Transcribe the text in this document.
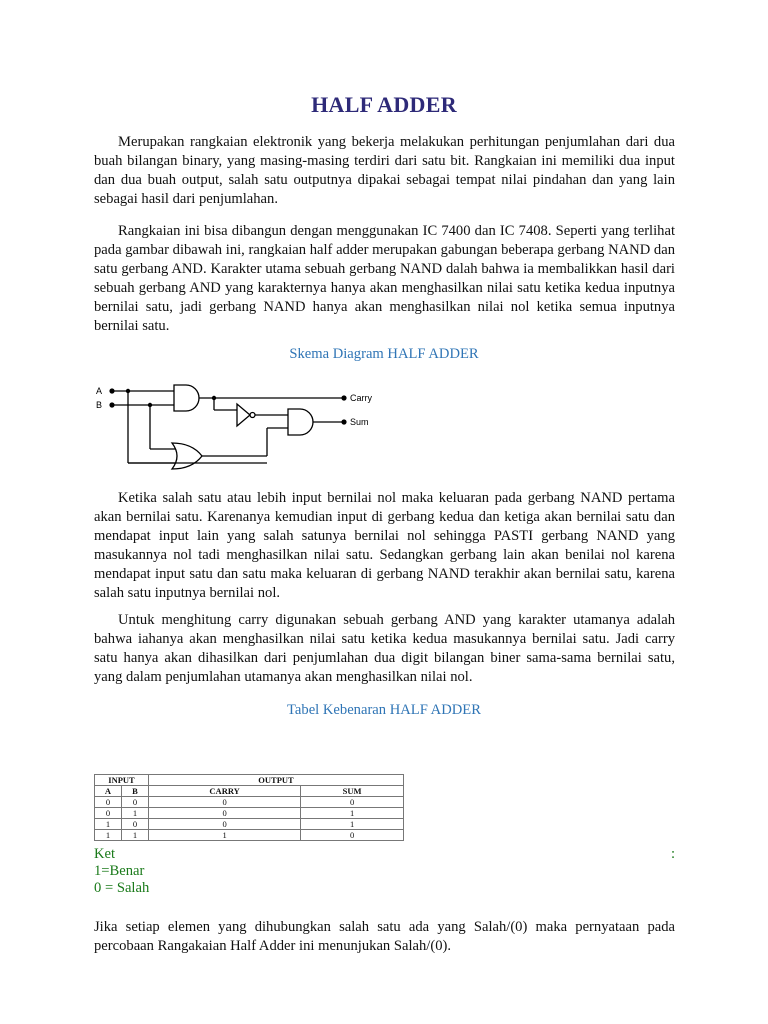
HALF ADDER

Merupakan rangkaian elektronik yang bekerja melakukan perhitungan penjumlahan dari dua buah bilangan binary, yang masing-masing terdiri dari satu bit. Rangkaian ini memiliki dua input dan dua buah output, salah satu outputnya dipakai sebagai tempat nilai pindahan dan yang lain sebagai hasil dari penjumlahan.

Rangkaian ini bisa dibangun dengan menggunakan IC 7400 dan IC 7408. Seperti yang terlihat pada gambar dibawah ini, rangkaian half adder merupakan gabungan beberapa gerbang NAND dan satu gerbang AND. Karakter utama sebuah gerbang NAND dalah bahwa ia membalikkan hasil dari sebuah gerbang AND yang karakternya hanya akan menghasilkan nilai satu ketika kedua inputnya bernilai satu, jadi gerbang NAND hanya akan menghasilkan nilai nol ketika semua inputnya bernilai satu.

Skema Diagram HALF ADDER
A
B
Carry
Sum

Ketika salah satu atau lebih input bernilai nol maka keluaran pada gerbang NAND pertama akan bernilai satu. Karenanya kemudian input di gerbang kedua dan ketiga akan bernilai satu dan mendapat input lain yang salah satunya bernilai nol sehingga PASTI gerbang NAND yang masukannya nol tadi menghasilkan nilai satu. Sedangkan gerbang lain akan benilai nol karena mendapat input satu dan satu maka keluaran di gerbang NAND terakhir akan bernilai satu, karena salah satu inputnya bernilai nol.

Untuk menghitung carry digunakan sebuah gerbang AND yang karakter utamanya adalah bahwa iahanya akan menghasilkan nilai satu ketika kedua masukannya bernilai satu. Jadi carry satu hanya akan dihasilkan dari penjumlahan dua digit bilangan biner sama-sama bernilai satu, yang dalam penjumlahan utamanya akan menghasilkan nilai nol.

Tabel Kebenaran HALF ADDER
INPUT		OUTPUT	
A	B	CARRY	SUM
0	0	0	0
0	1	0	1
1	0	0	1
1	1	1	0
Ket	:
1=Benar
0 = Salah

Jika setiap elemen yang dihubungkan salah satu ada yang Salah/(0) maka pernyataan pada percobaan Rangakaian Half Adder ini menunjukan Salah/(0).
